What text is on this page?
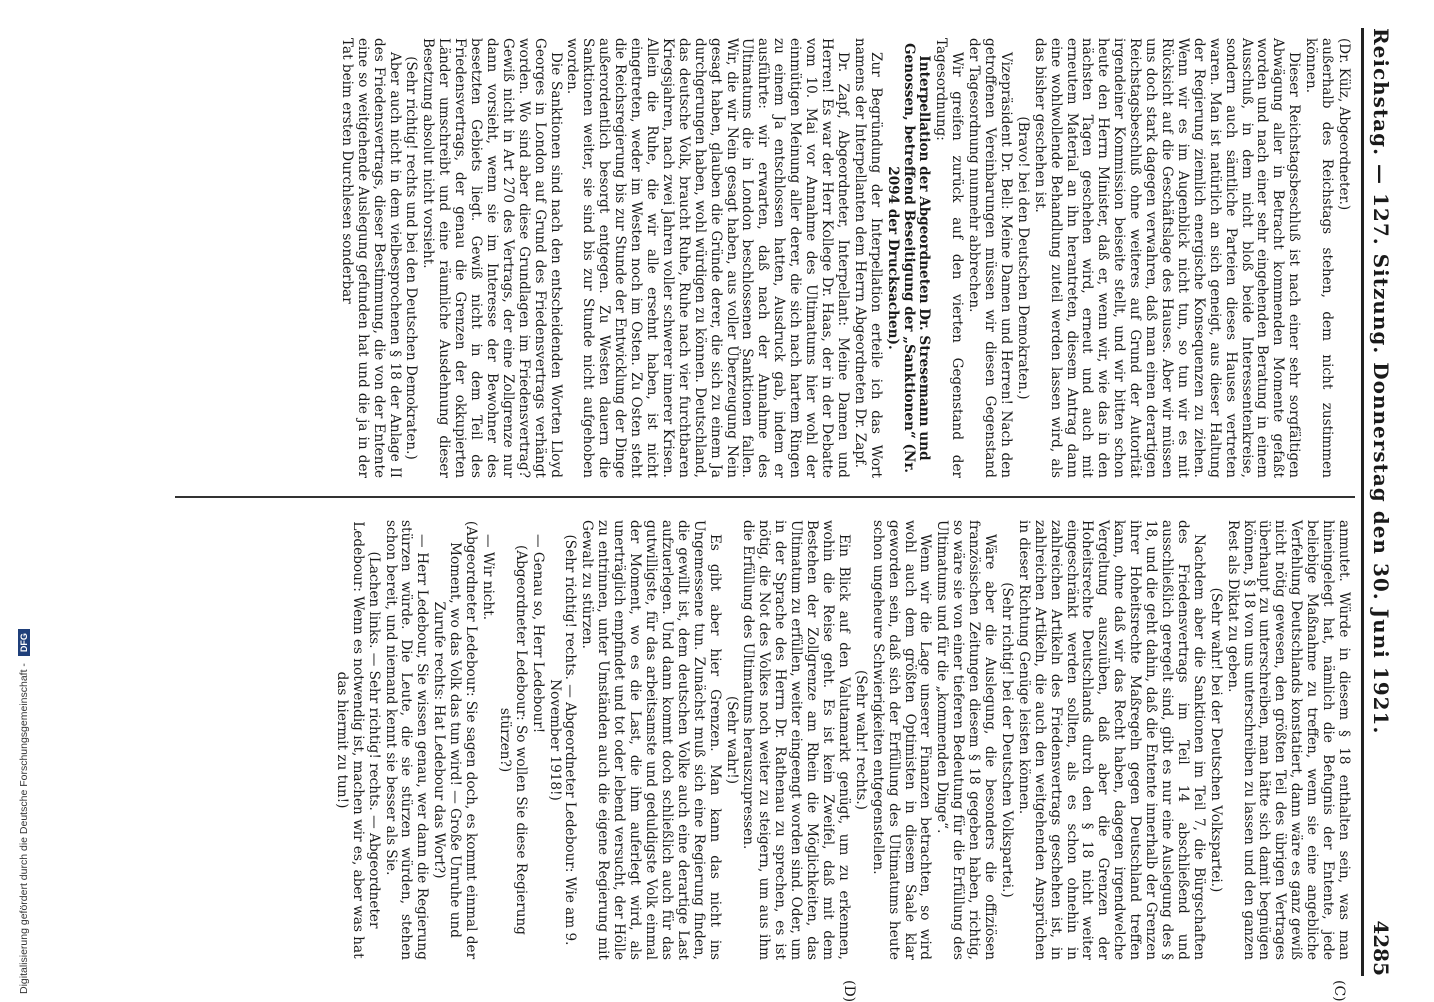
Reichstag. — 127. Sitzung. Donnerstag den 30. Juni 1921.
4285
(C)
(D)

(Dr. Külz, Abgeordneter.)

außerhalb des Reichstags stehen, dem nicht zustimmen können.

Dieser Reichstagsbeschluß ist nach einer sehr sorgfältigen Abwägung aller in Betracht kommenden Momente gefaßt worden und nach einer sehr eingehenden Beratung in einem Ausschuß, in dem nicht bloß beide Interessentenkreise, sondern auch sämtliche Parteien dieses Hauses vertreten waren. Man ist natürlich an sich geneigt, aus dieser Haltung der Regierung ziemlich energische Konsequenzen zu ziehen. Wenn wir es im Augenblick nicht tun, so tun wir es mit Rücksicht auf die Geschäftslage des Hauses. Aber wir müssen uns doch stark dagegen verwahren, daß man einen derartigen Reichstagsbeschluß ohne weiteres auf Grund der Autorität irgendeiner Kommission beiseite stellt, und wir bitten schon heute den Herrn Minister, daß er, wenn wir, wie das in den nächsten Tagen geschehen wird, erneut und auch mit erneutem Material an ihn herantreten, diesem Antrag dann eine wohlwollende Behandlung zuteil werden lassen wird, als das bisher geschehen ist.

(Bravo! bei den Deutschen Demokraten.)

Vizepräsident Dr. Bell: Meine Damen und Herren! Nach den getroffenen Vereinbarungen müssen wir diesen Gegenstand der Tagesordnung nunmehr abbrechen.

Wir greifen zurück auf den vierten Gegenstand der Tagesordnung:

Interpellation der Abgeordneten Dr. Stresemann und Genossen, betreffend Beseitigung der „Sanktionen“ (Nr. 2094 der Drucksachen).

Zur Begründung der Interpellation erteile ich das Wort namens der Interpellanten dem Herrn Abgeordneten Dr. Zapf.

Dr. Zapf, Abgeordneter, Interpellant: Meine Damen und Herren! Es war der Herr Kollege Dr. Haas, der in der Debatte vom 10. Mai vor Annahme des Ultimatums hier wohl der einmütigen Meinung aller derer, die sich nach hartem Ringen zu einem Ja entschlossen hatten, Ausdruck gab, indem er ausführte: wir erwarten, daß nach der Annahme des Ultimatums die in London beschlossenen Sanktionen fallen. Wir, die wir Nein gesagt haben, aus voller Überzeugung Nein gesagt haben, glauben die Gründe derer, die sich zu einem Ja durchgerungen haben, wohl würdigen zu können. Deutschland, das deutsche Volk, braucht Ruhe, Ruhe nach vier furchtbaren Kriegsjahren, nach zwei Jahren voller schwerer innerer Krisen. Allein die Ruhe, die wir alle ersehnt haben, ist nicht eingetreten, weder im Westen noch im Osten. Zu Osten steht die Reichsregierung bis zur Stunde der Entwicklung der Dinge außerordentlich besorgt entgegen. Zu Westen dauern die Sanktionen weiter, sie sind bis zur Stunde nicht aufgehoben worden.

Die Sanktionen sind nach den entscheidenden Worten Lloyd Georges in London auf Grund des Friedensvertrags verhängt worden. Wo sind aber diese Grundlagen im Friedensvertrag? Gewiß nicht in Art 270 des Vertrags, der eine Zollgrenze nur dann vorsieht, wenn sie im Interesse der Bewohner des besetzten Gebiets liegt. Gewiß nicht in dem Teil des Friedensvertrags, der genau die Grenzen der okkupierten Länder umschreibt und eine räumliche Ausdehnung dieser Besetzung absolut nicht vorsieht.

(Sehr richtig! rechts und bei den Deutschen Demokraten.)

Aber auch nicht in dem vielbesprochenen § 18 der Anlage II des Friedensvertrags, dieser Bestimmung, die von der Entente eine so weitgehende Auslegung gefunden hat und die ja in der Tat beim ersten Durchlesen sonderbar

anmutet. Würde in diesem § 18 enthalten sein, was man hineingelegt hat, nämlich die Befugnis der Entente, jede beliebige Maßnahme zu treffen, wenn sie eine angebliche Verfehlung Deutschlands konstatiert, dann wäre es ganz gewiß nicht nötig gewesen, den größten Teil des übrigen Vertrages überhaupt zu unterschreiben, man hätte sich damit begnügen können, § 18 von uns unterschreiben zu lassen und den ganzen Rest als Diktat zu geben.

(Sehr wahr! bei der Deutschen Volkspartei.)

Nachdem aber die Sanktionen im Teil 7, die Bürgschaften des Friedensvertrags im Teil 14 abschließend und ausschließlich geregelt sind, gibt es nur eine Auslegung des § 18, und die geht dahin, daß die Entente innerhalb der Grenzen ihrer Hoheitsrechte Maßregeln gegen Deutschland treffen kann, ohne daß wir das Recht haben, dagegen irgendwelche Vergeltung auszuüben, daß aber die Grenzen der Hoheitsrechte Deutschlands durch den § 18 nicht weiter eingeschränkt werden sollten, als es schon ohnehin in zahlreichen Artikeln des Friedensvertrags geschehen ist, in zahlreichen Artikeln, die auch den weitgehenden Ansprüchen in dieser Richtung Genüge leisten können.

(Sehr richtig! bei der Deutschen Volkspartei.)

Wäre aber die Auslegung, die besonders die offiziösen französischen Zeitungen diesem § 18 gegeben haben, richtig, so wäre sie von einer tieferen Bedeutung für die Erfüllung des Ultimatums und für die „kommenden Dinge“.

Wenn wir die Lage unserer Finanzen betrachten, so wird wohl auch dem größten Optimisten in diesem Saale klar geworden sein, daß sich der Erfüllung des Ultimatums heute schon ungeheure Schwierigkeiten entgegenstellen.

(Sehr wahr! rechts.)

Ein Blick auf den Valutamarkt genügt, um zu erkennen, wohin die Reise geht. Es ist kein Zweifel, daß mit dem Bestehen der Zollgrenze am Rhein die Möglichkeiten, das Ultimatum zu erfüllen, weiter eingeengt worden sind. Oder, um in der Sprache des Herrn Dr. Rathenau zu sprechen, es ist nötig, die Not des Volkes noch weiter zu steigern, um aus ihm die Erfüllung des Ultimatums herauszupressen.

(Sehr wahr!)

Es gibt aber hier Grenzen. Man kann das nicht ins Ungemessene tun. Zunächst muß sich eine Regierung finden, die gewillt ist, dem deutschen Volke auch eine derartige Last aufzuerlegen. Und dann kommt doch schließlich auch für das gutwilligste, für das arbeitsamste und geduldigste Volk einmal der Moment, wo es die Last, die ihm auferlegt wird, als unerträglich empfindet und tot oder lebend versucht, der Hölle zu entrinnen, unter Umständen auch die eigene Regierung mit Gewalt zu stürzen.

(Sehr richtig! rechts. — Abgeordneter Ledebour: Wie am 9. November 1918!)

— Genau so, Herr Ledebour!

(Abgeordneter Ledebour: So wollen Sie diese Regierung stürzen?)

— Wir nicht.

(Abgeordneter Ledebour: Sie sagen doch, es kommt einmal der Moment, wo das Volk das tun wird! — Große Unruhe und Zurufe rechts: Hat Ledebour das Wort?)

— Herr Ledebour, Sie wissen genau, wer dann die Regierung stürzen würde. Die Leute, die sie stürzen würden, stehen schon bereit, und niemand kennt sie besser als Sie.

(Lachen links. — Sehr richtig! rechts. — Abgeordneter Ledebour: Wenn es notwendig ist, machen wir es, aber was hat das hiermit zu tun!)

Digitalisierung gefördert durch die Deutsche Forschungsgemeinschaft - DFG
